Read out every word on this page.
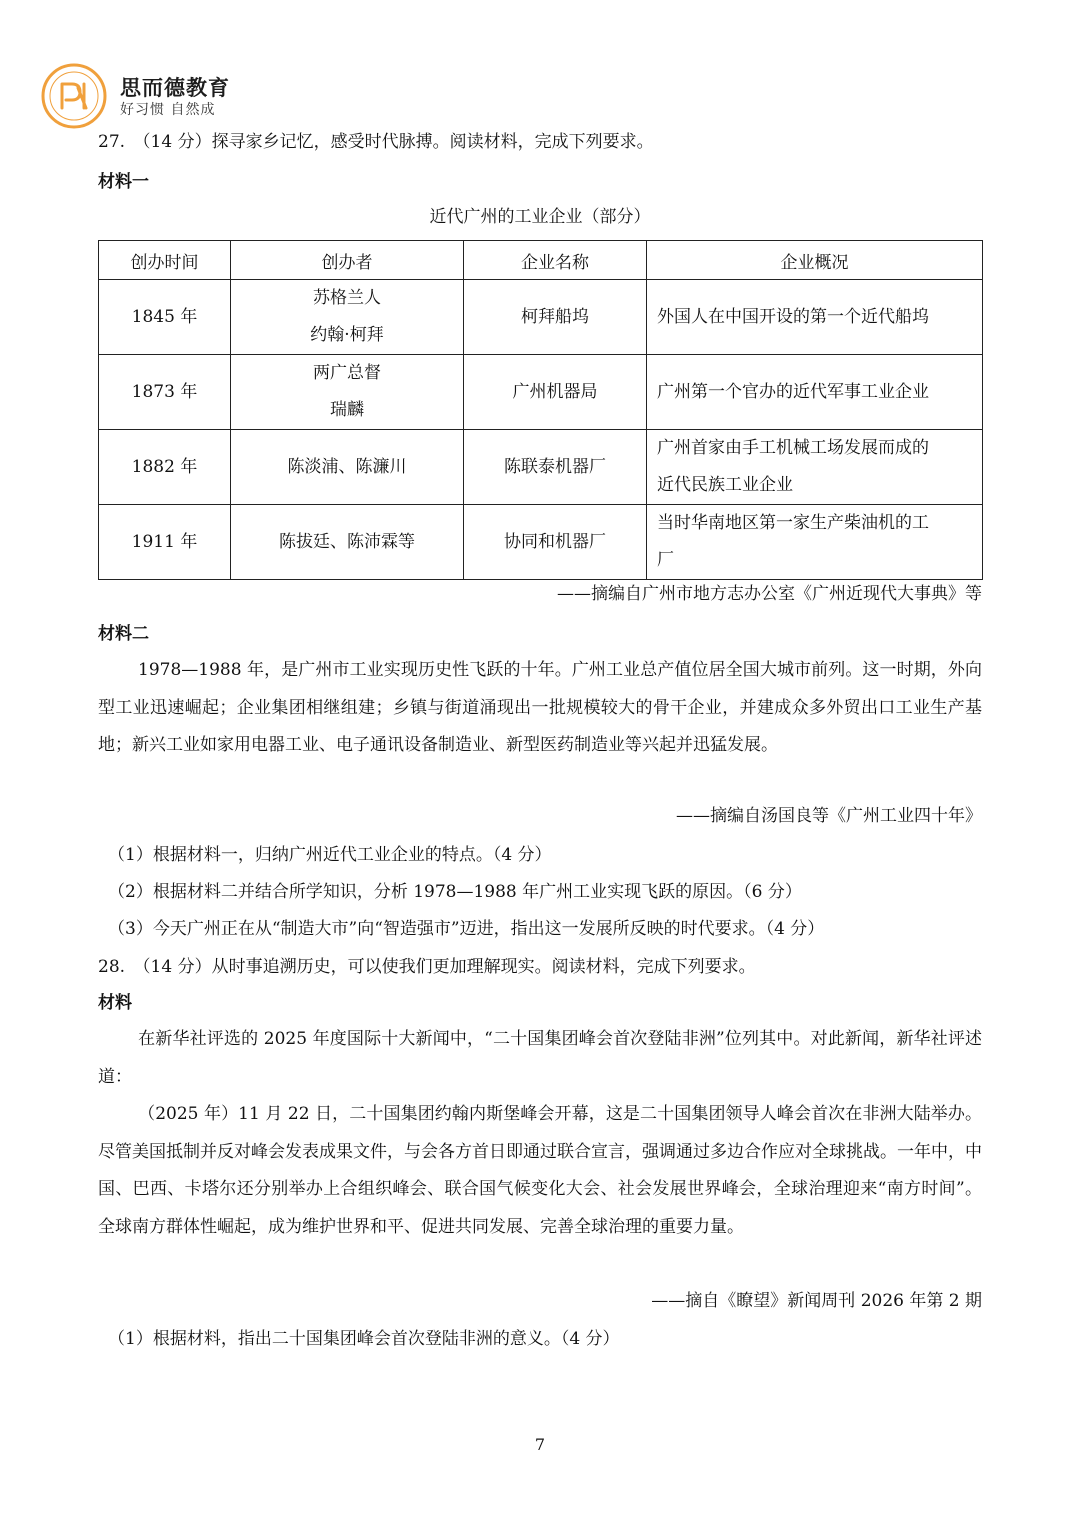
思而德教育
好习惯 自然成
27.　（14 分）探寻家乡记忆，感受时代脉搏。阅读材料，完成下列要求。
材料一
近代广州的工业企业（部分）
创办时间	创办者	企业名称	企业概况
1845 年	苏格兰人
约翰·柯拜	柯拜船坞	外国人在中国开设的第一个近代船坞

1873 年	两广总督
瑞麟	广州机器局	广州第一个官办的近代军事工业企业

1882 年	陈淡浦、陈濂川	陈联泰机器厂	广州首家由手工机械工场发展而成的
近代民族工业企业

1911 年	陈拔廷、陈沛霖等	协同和机器厂	当时华南地区第一家生产柴油机的工
厂
——摘编自广州市地方志办公室《广州近现代大事典》等
材料二
1978—1988 年，是广州市工业实现历史性飞跃的十年。广州工业总产值位居全国大城市前列。这一时期，外向型工业迅速崛起；企业集团相继组建；乡镇与街道涌现出一批规模较大的骨干企业，并建成众多外贸出口工业生产基地；新兴工业如家用电器工业、电子通讯设备制造业、新型医药制造业等兴起并迅猛发展。
——摘编自汤国良等《广州工业四十年》
（1）根据材料一，归纳广州近代工业企业的特点。（4 分）
（2）根据材料二并结合所学知识，分析 1978—1988 年广州工业实现飞跃的原因。（6 分）
（3）今天广州正在从“制造大市”向“智造强市”迈进，指出这一发展所反映的时代要求。（4 分）
28.　（14 分）从时事追溯历史，可以使我们更加理解现实。阅读材料，完成下列要求。
材料
在新华社评选的 2025 年度国际十大新闻中，“二十国集团峰会首次登陆非洲”位列其中。对此新闻，新华社评述道：
（2025 年）11 月 22 日，二十国集团约翰内斯堡峰会开幕，这是二十国集团领导人峰会首次在非洲大陆举办。尽管美国抵制并反对峰会发表成果文件，与会各方首日即通过联合宣言，强调通过多边合作应对全球挑战。一年中，中国、巴西、卡塔尔还分别举办上合组织峰会、联合国气候变化大会、社会发展世界峰会，全球治理迎来“南方时间”。全球南方群体性崛起，成为维护世界和平、促进共同发展、完善全球治理的重要力量。
——摘自《瞭望》新闻周刊 2026 年第 2 期
（1）根据材料，指出二十国集团峰会首次登陆非洲的意义。（4 分）
7
